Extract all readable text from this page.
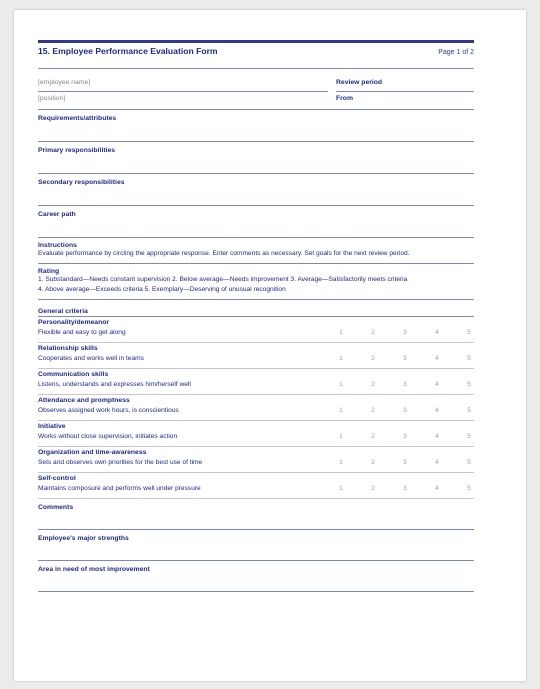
15. Employee Performance Evaluation Form	Page 1 of 2
[employee name]
[position]
Review period
From
Requirements/attributes
Primary responsibilities
Secondary responsibilities
Career path
Instructions
Evaluate performance by circling the appropriate response. Enter comments as necessary. Set goals for the next review period.
Rating
1. Substandard—Needs constant supervision 2. Below average—Needs improvement 3. Average—Satisfactorily meets criteria
4. Above average—Exceeds criteria 5. Exemplary—Deserving of unusual recognition
General criteria
Personality/demeanor
Flexible and easy to get along	1	2	3	4	5
Relationship skills
Cooperates and works well in teams	1	2	3	4	5
Communication skills
Listens, understands and expresses him/herself well	1	2	3	4	5
Attendance and promptness
Observes assigned work hours, is conscientious	1	2	3	4	5
Initiative
Works without close supervision, initiates action	1	2	3	4	5
Organization and time-awareness
Sets and observes own priorities for the best use of time	1	2	3	4	5
Self-control
Maintains composure and performs well under pressure	1	2	3	4	5
Comments
Employee's major strengths
Area in need of most improvement
